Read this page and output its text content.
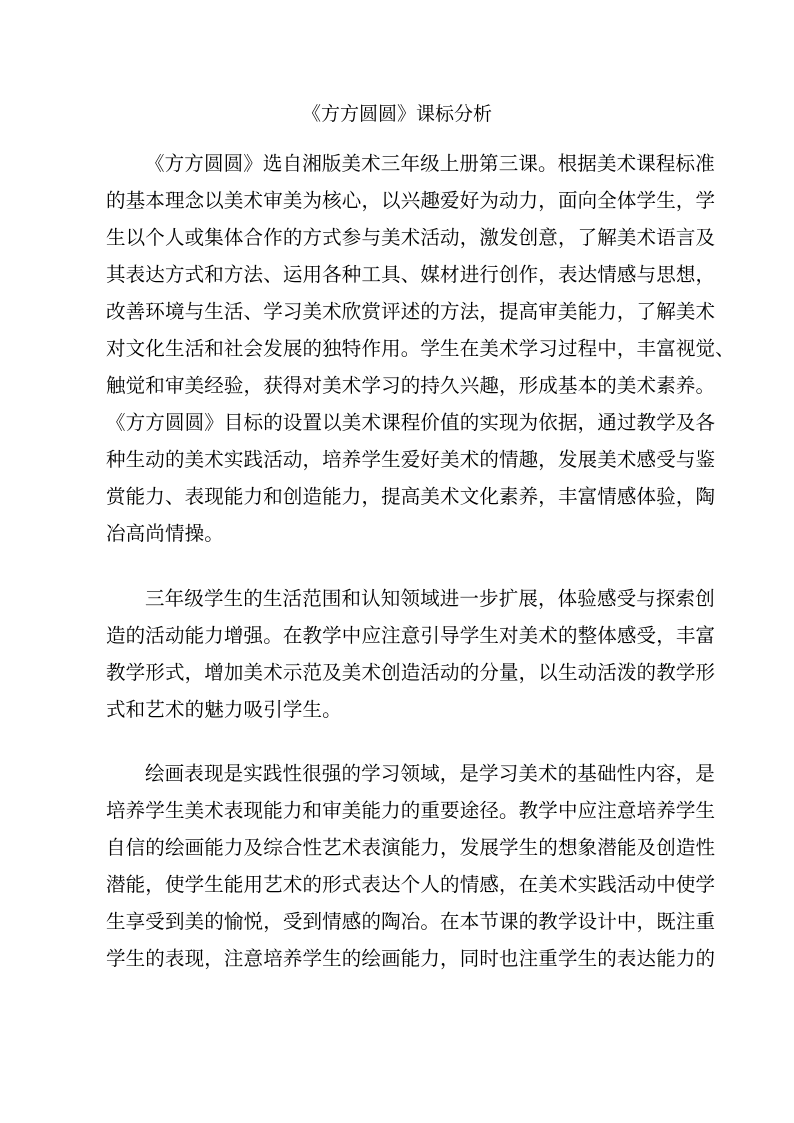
《方方圆圆》课标分析
《方方圆圆》选自湘版美术三年级上册第三课。根据美术课程标准
的基本理念以美术审美为核心，以兴趣爱好为动力，面向全体学生，学
生以个人或集体合作的方式参与美术活动，激发创意，了解美术语言及
其表达方式和方法、运用各种工具、媒材进行创作，表达情感与思想，
改善环境与生活、学习美术欣赏评述的方法，提高审美能力，了解美术
对文化生活和社会发展的独特作用。学生在美术学习过程中，丰富视觉、
触觉和审美经验，获得对美术学习的持久兴趣，形成基本的美术素养。
《方方圆圆》目标的设置以美术课程价值的实现为依据，通过教学及各
种生动的美术实践活动，培养学生爱好美术的情趣，发展美术感受与鉴
赏能力、表现能力和创造能力，提高美术文化素养，丰富情感体验，陶
冶高尚情操。
三年级学生的生活范围和认知领域进一步扩展，体验感受与探索创
造的活动能力增强。在教学中应注意引导学生对美术的整体感受，丰富
教学形式，增加美术示范及美术创造活动的分量，以生动活泼的教学形
式和艺术的魅力吸引学生。
绘画表现是实践性很强的学习领域，是学习美术的基础性内容，是
培养学生美术表现能力和审美能力的重要途径。教学中应注意培养学生
自信的绘画能力及综合性艺术表演能力，发展学生的想象潜能及创造性
潜能，使学生能用艺术的形式表达个人的情感，在美术实践活动中使学
生享受到美的愉悦，受到情感的陶冶。在本节课的教学设计中，既注重
学生的表现，注意培养学生的绘画能力，同时也注重学生的表达能力的
